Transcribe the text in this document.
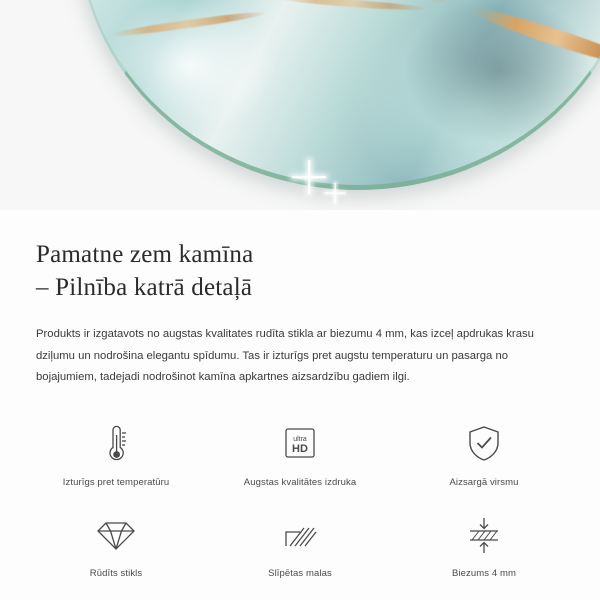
Pamatne zem kamīna
– Pilnība katrā detaļā

Produkts ir izgatavots no augstas kvalitates rudīta stikla ar biezumu 4 mm, kas izceļ apdrukas krasu dziļumu un nodrošina elegantu spīdumu. Tas ir izturīgs pret augstu temperaturu un pasarga no bojajumiem, tadejadi nodrošinot kamīna apkartnes aizsardzību gadiem ilgi.

Izturīgs pret temperatūru
ultra
HD
Augstas kvalitātes izdruka	Aizsargā virsmu
Rūdīts stikls	Slīpētas malas	Biezums 4 mm
